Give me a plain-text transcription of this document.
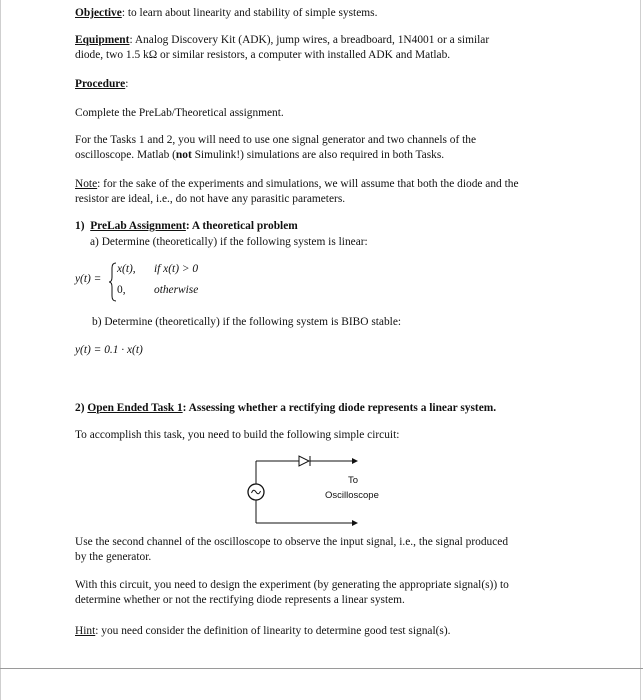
Objective: to learn about linearity and stability of simple systems.
Equipment: Analog Discovery Kit (ADK), jump wires, a breadboard, 1N4001 or a similar
diode, two 1.5 kΩ or similar resistors, a computer with installed ADK and Matlab.
Procedure:
Complete the PreLab/Theoretical assignment.
For the Tasks 1 and 2, you will need to use one signal generator and two channels of the
oscilloscope. Matlab (not Simulink!) simulations are also required in both Tasks.
Note: for the sake of the experiments and simulations, we will assume that both the diode and the
resistor are ideal, i.e., do not have any parasitic parameters.
1) PreLab Assignment: A theoretical problem
a) Determine (theoretically) if the following system is linear:
y(t) =
x(t), if x(t) > 0
0, otherwise
b) Determine (theoretically) if the following system is BIBO stable:
y(t) = 0.1 · x(t)
2) Open Ended Task 1: Assessing whether a rectifying diode represents a linear system.
To accomplish this task, you need to build the following simple circuit:
To
Oscilloscope
Use the second channel of the oscilloscope to observe the input signal, i.e., the signal produced
by the generator.
With this circuit, you need to design the experiment (by generating the appropriate signal(s)) to
determine whether or not the rectifying diode represents a linear system.
Hint: you need consider the definition of linearity to determine good test signal(s).
